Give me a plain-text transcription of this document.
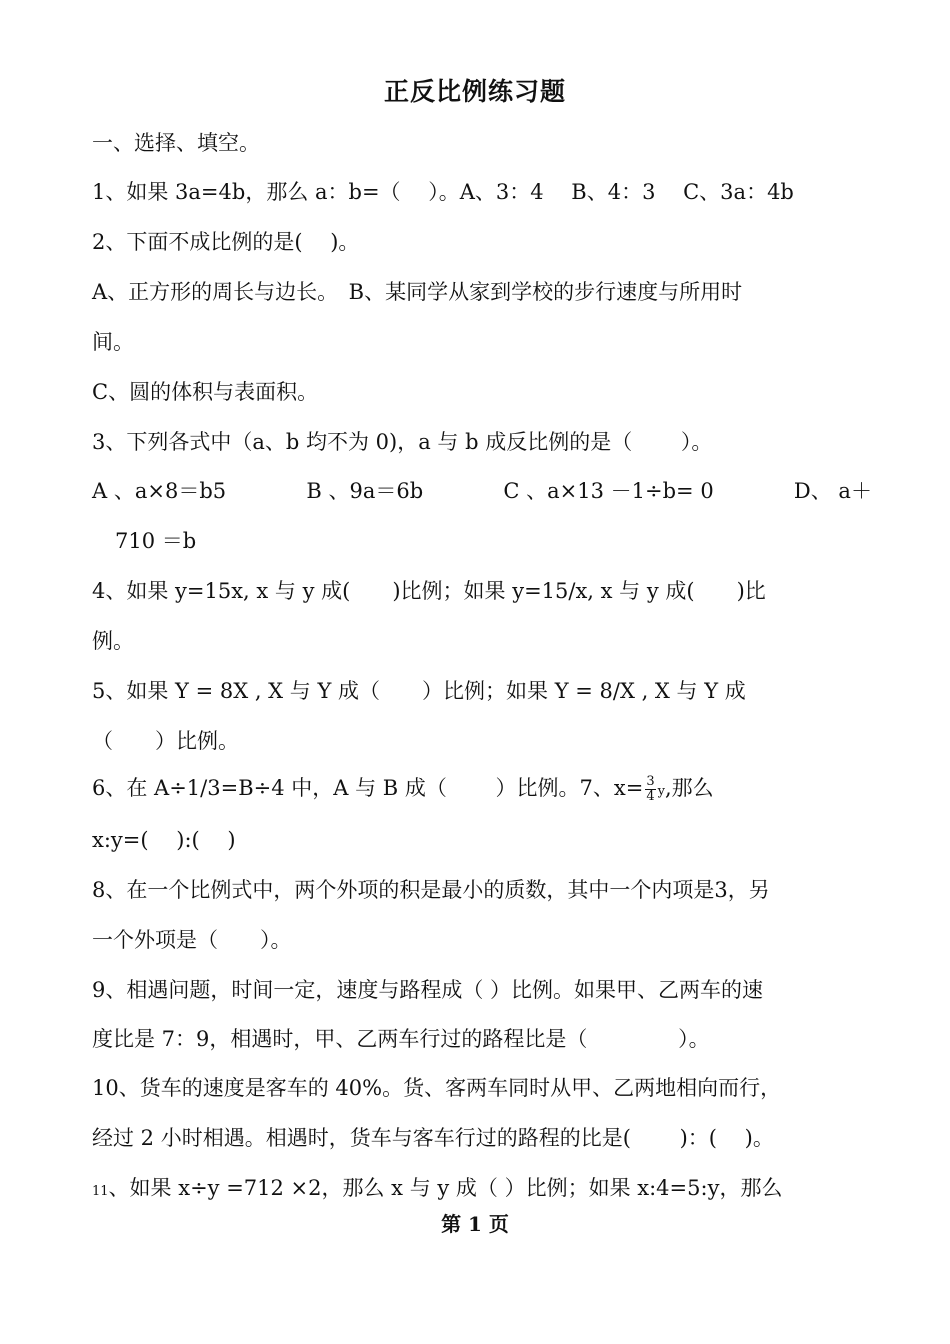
正反比例练习题
一、选择、填空。
1、如果 3a=4b，那么 a：b=（　 ）。A、3：4　 B、4：3　 C、3a：4b
2、下面不成比例的是(　 )。
A、正方形的周长与边长。　B、某同学从家到学校的步行速度与所用时
间。
C、圆的体积与表面积。
3、下列各式中（a、b 均不为 0)，a 与 b 成反比例的是（　　 ）。
A 、a×8＝b5	B 、9a＝6b	C 、a×13 －1÷b= 0	D、 a＋
710 ＝b
4、如果 y=15x, x 与 y 成(　　)比例；如果 y=15/x, x 与 y 成(　　)比
例。
5、如果 Y = 8X , X 与 Y 成（　　）比例；如果 Y = 8/X , X 与 Y 成
（　　）比例。
6、在 A÷1/3=B÷4 中，A 与 B 成（　　 ）比例。7、$x= \frac{3}{4} y$,那么
x:y=(　 ):(　 )
8、在一个比例式中，两个外项的积是最小的质数，其中一个内项是3，另
一个外项是（　　）。
9、相遇问题，时间一定，速度与路程成（ ）比例。如果甲、乙两车的速
度比是 7：9，相遇时，甲、乙两车行过的路程比是（　　　　 ）。
10、货车的速度是客车的 40%。货、客两车同时从甲、乙两地相向而行，
经过 2 小时相遇。相遇时，货车与客车行过的路程的比是(　　 )：(　 )。
11、如果 x÷y =712 ×2，那么 x 与 y 成（ ）比例；如果 x:4=5:y，那么
第 1 页
